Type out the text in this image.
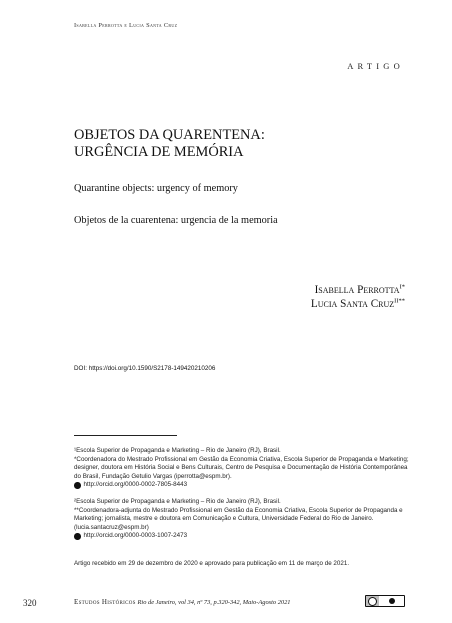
Isabella Perrotta e Lucia Santa Cruz
ARTIGO
OBJETOS DA QUARENTENA:
URGÊNCIA DE MEMÓRIA
Quarantine objects: urgency of memory
Objetos de la cuarentena: urgencia de la memoria
Isabella Perrotta$^{I*}$
Lucia Santa Cruz$^{II**}$
DOI: https://doi.org/10.1590/S2178-149420210206

¹Escola Superior de Propaganda e Marketing – Rio de Janeiro (RJ), Brasil.

*Coordenadora do Mestrado Profissional em Gestão da Economia Criativa, Escola Superior de Propaganda e Marketing; designer, doutora em História Social e Bens Culturais, Centro de Pesquisa e Documentação de História Contemporânea do Brasil, Fundação Getulio Vargas (iperrotta@espm.br).

http://orcid.org/0000-0002-7805-8443

²Escola Superior de Propaganda e Marketing – Rio de Janeiro (RJ), Brasil.

**Coordenadora-adjunta do Mestrado Profissional em Gestão da Economia Criativa, Escola Superior de Propaganda e Marketing; jornalista, mestre e doutora em Comunicação e Cultura, Universidade Federal do Rio de Janeiro. (lucia.santacruz@espm.br)

http://orcid.org/0000-0003-1007-2473

Artigo recebido em 29 de dezembro de 2020 e aprovado para publicação em 11 de março de 2021.
320	Estudos Históricos Rio de Janeiro, vol 34, nº 73, p.320-342, Maio-Agosto 2021
